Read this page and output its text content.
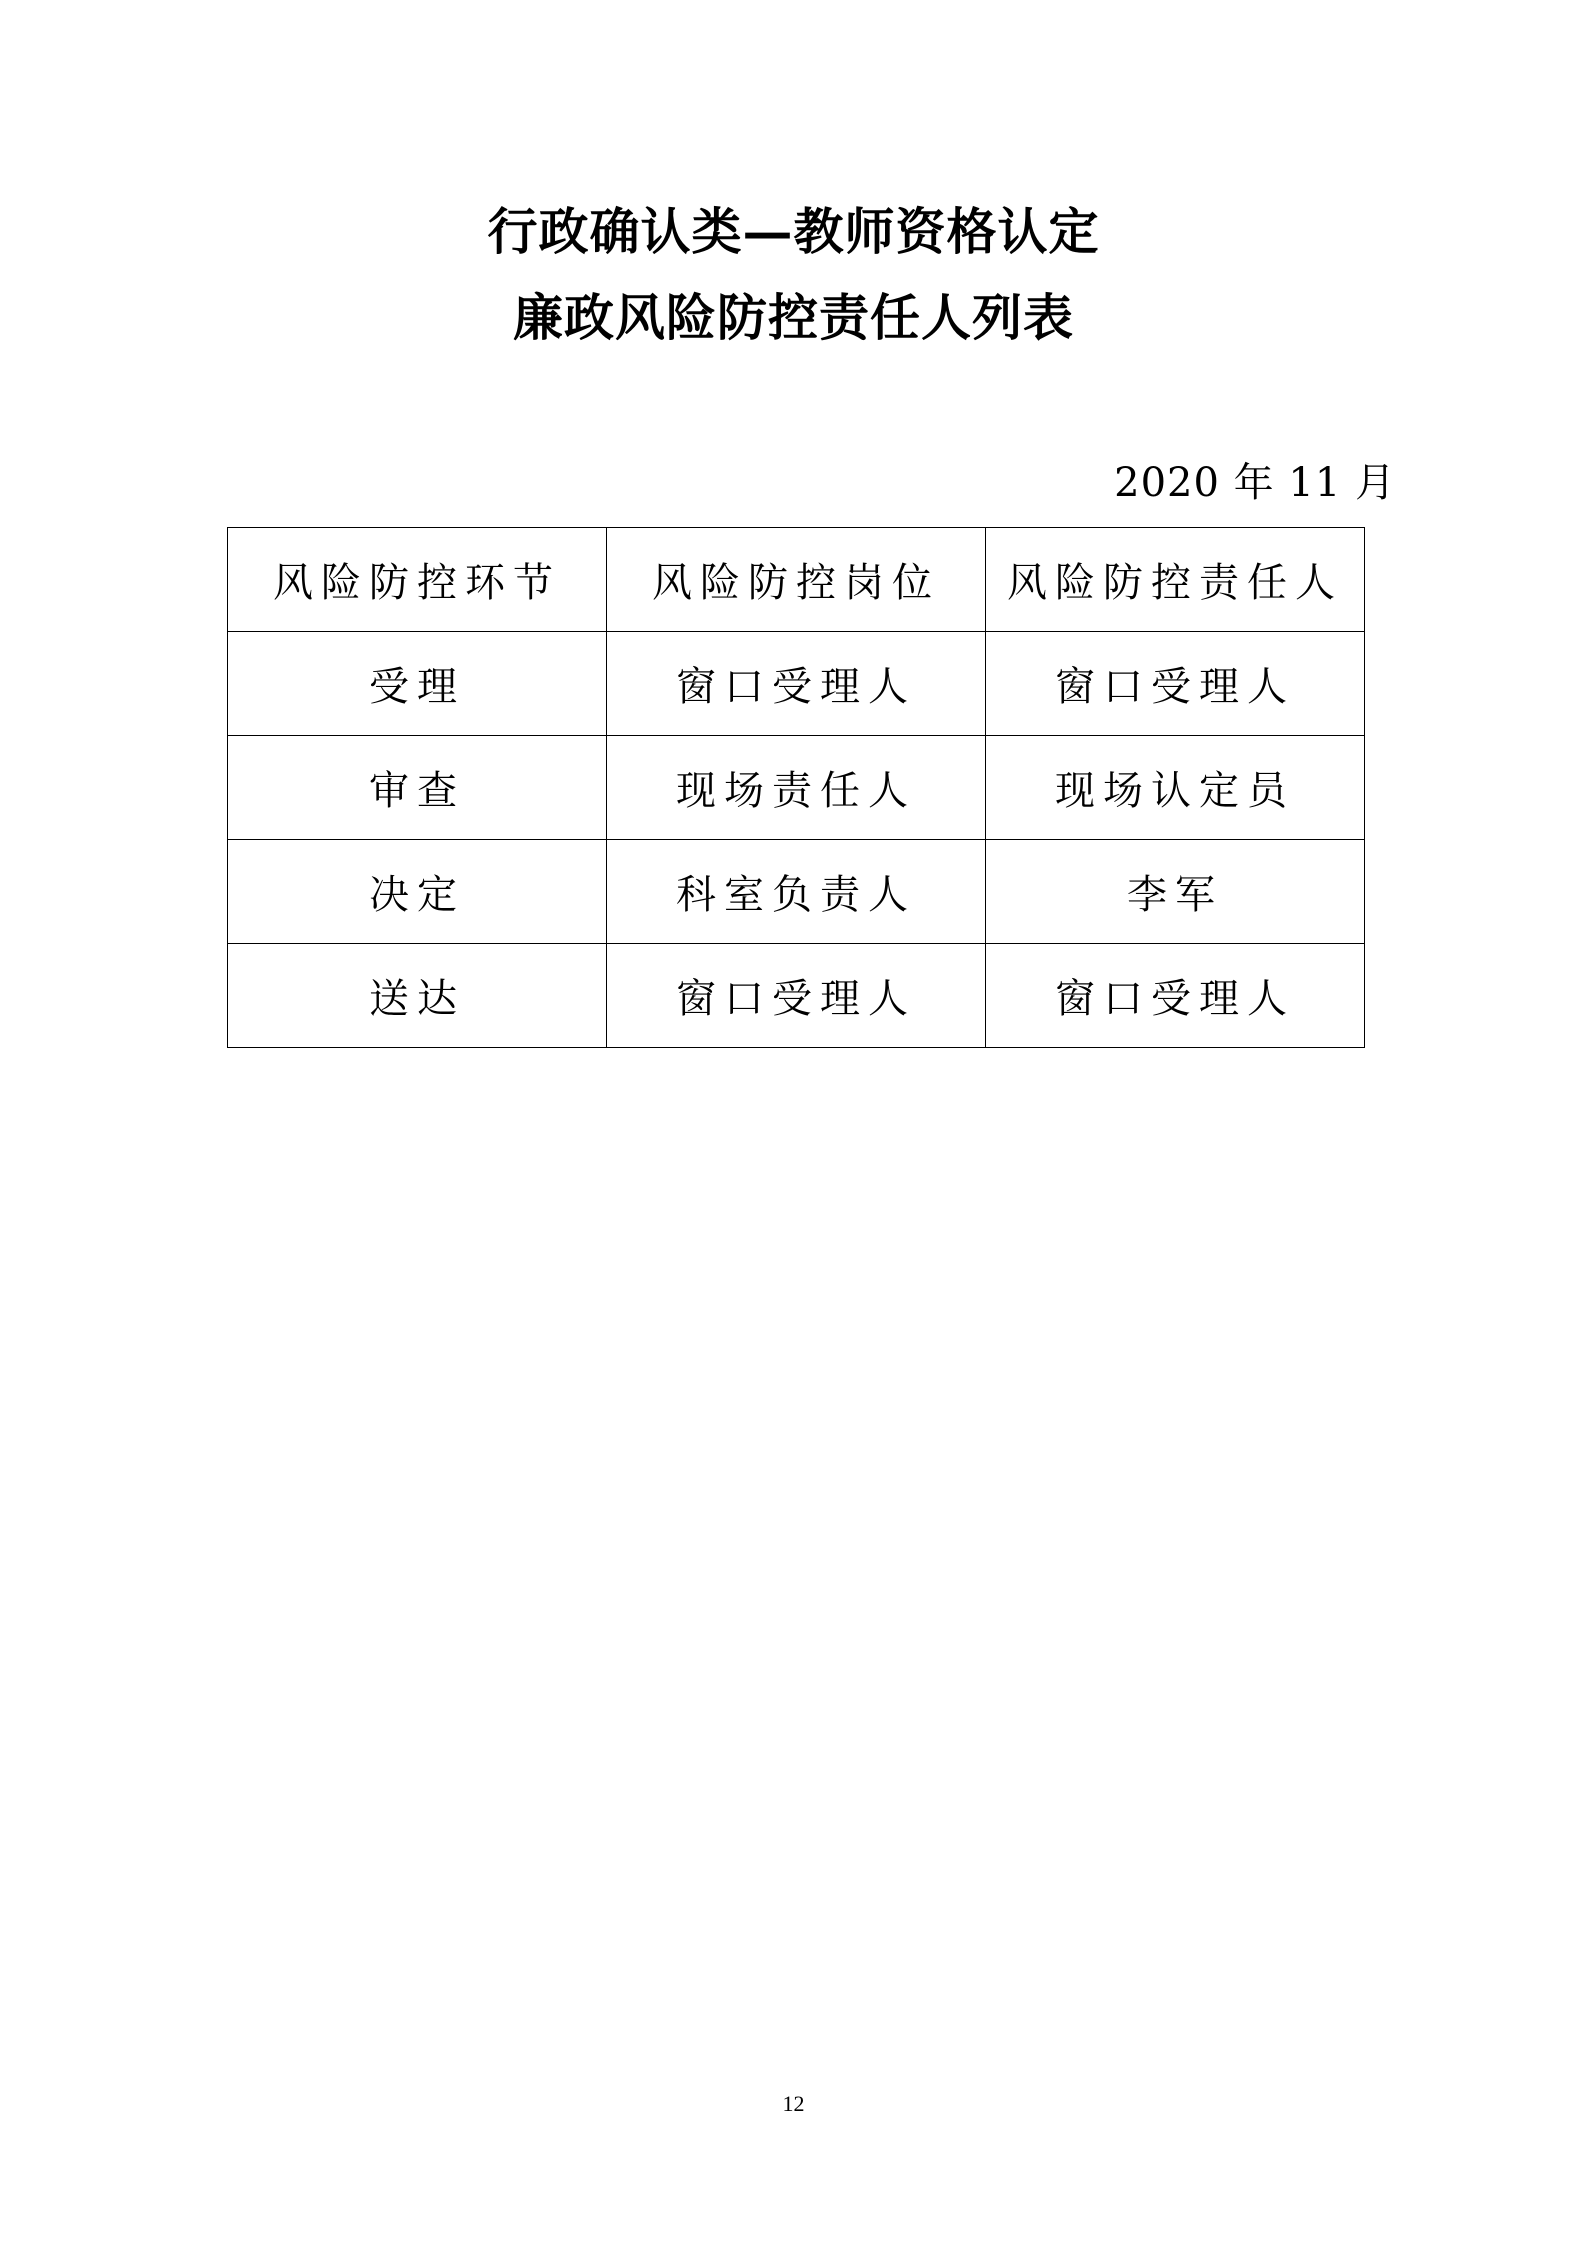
行政确认类—教师资格认定
廉政风险防控责任人列表
2020 年 11 月
风险防控环节	风险防控岗位	风险防控责任人
受理	窗口受理人	窗口受理人
审查	现场责任人	现场认定员
决定	科室负责人	李军
送达	窗口受理人	窗口受理人
12
